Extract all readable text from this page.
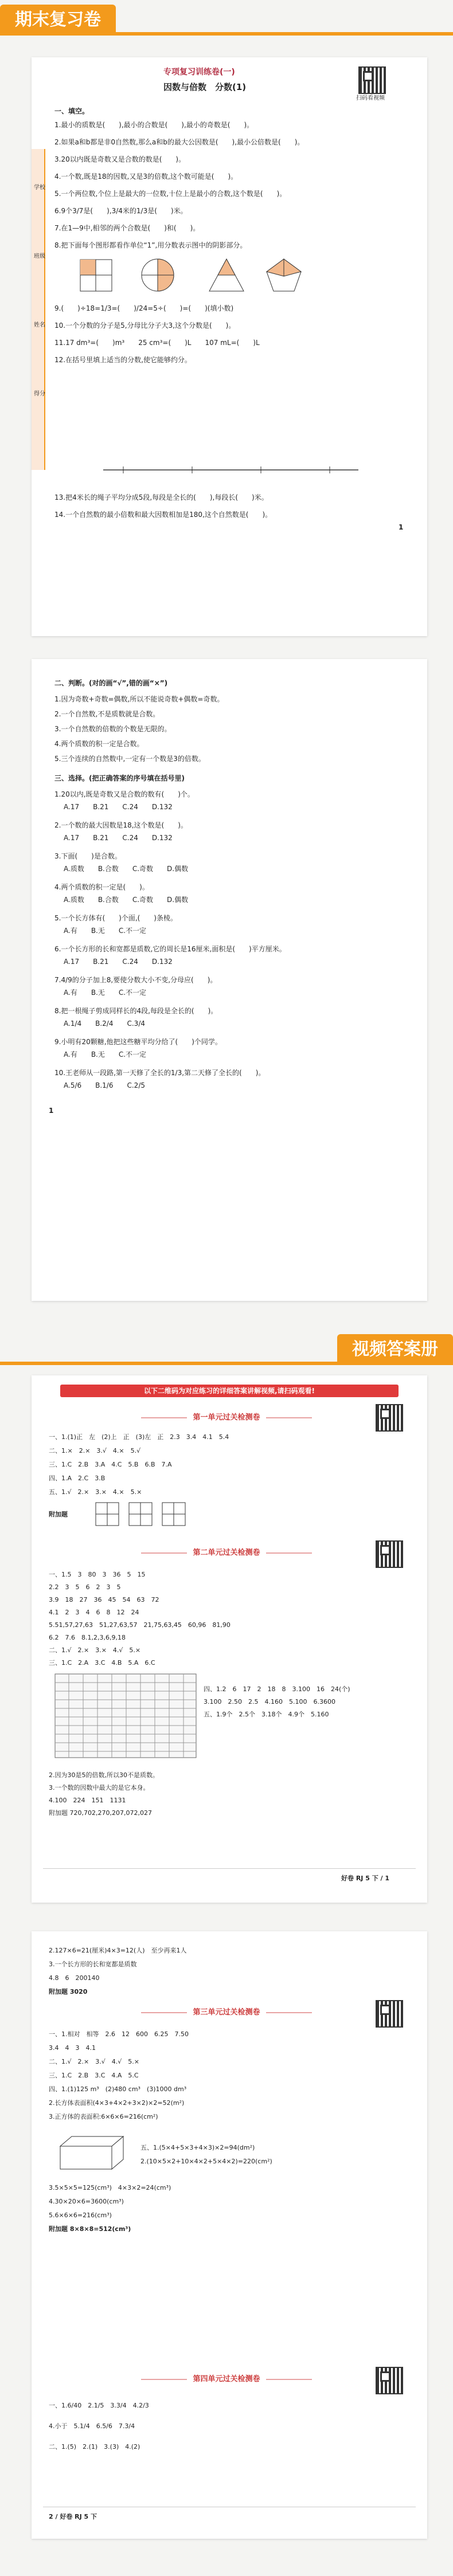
期末复习卷
学校
班级
姓名
得分
专项复习训练卷(一)
因数与倍数　分数(1)
扫码看视频
一、填空。
1.最小的质数是(　　),最小的合数是(　　),最小的奇数是(　　)。
2.如果a和b都是非0自然数,那么a和b的最大公因数是(　　),最小公倍数是(　　)。
3.20以内既是奇数又是合数的数是(　　)。
4.一个数,既是18的因数,又是3的倍数,这个数可能是(　　)。
5.一个两位数,个位上是最大的一位数,十位上是最小的合数,这个数是(　　)。
6.9个3/7是(　　),3/4米的1/3是(　　)米。
7.在1—9中,相邻的两个合数是(　　)和(　　)。
8.把下面每个图形都看作单位“1”,用分数表示图中的阴影部分。
9.(　　)÷18=1/3=(　　)/24=5÷(　　)=(　　)(填小数)
10.一个分数的分子是5,分母比分子大3,这个分数是(　　)。
11.17 dm³=(　　)m³　　25 cm³=(　　)L　　107 mL=(　　)L
12.在括号里填上适当的分数,使它能够约分。
13.把4米长的绳子平均分成5段,每段是全长的(　　),每段长(　　)米。
14.一个自然数的最小倍数和最大因数相加是180,这个自然数是(　　)。
1
二、判断。(对的画“√”,错的画“×”)
1.因为奇数+奇数=偶数,所以不能说奇数+偶数=奇数。
2.一个自然数,不是质数就是合数。
3.一个自然数的倍数的个数是无限的。
4.两个质数的积一定是合数。
5.三个连续的自然数中,一定有一个数是3的倍数。
三、选择。(把正确答案的序号填在括号里)
1.20以内,既是奇数又是合数的数有(　　)个。
A.17　　B.21　　C.24　　D.132
2.一个数的最大因数是18,这个数是(　　)。
A.17　　B.21　　C.24　　D.132
3.下面(　　)是合数。
A.质数　　B.合数　　C.奇数　　D.偶数
4.两个质数的积一定是(　　)。
A.质数　　B.合数　　C.奇数　　D.偶数
5.一个长方体有(　　)个面,(　　)条棱。
A.有　　B.无　　C.不一定
6.一个长方形的长和宽都是质数,它的周长是16厘米,面积是(　　)平方厘米。
A.17　　B.21　　C.24　　D.132
7.4/9的分子加上8,要使分数大小不变,分母应(　　)。
A.有　　B.无　　C.不一定
8.把一根绳子剪成同样长的4段,每段是全长的(　　)。
A.1/4　　B.2/4　　C.3/4
9.小明有20颗糖,他把这些糖平均分给了(　　)个同学。
A.有　　B.无　　C.不一定
10.王老师从一段路,第一天修了全长的1/3,第二天修了全长的(　　)。
A.5/6　　B.1/6　　C.2/5
1
视频答案册
以下二维码为对应练习的详细答案讲解视频,请扫码观看!
第一单元过关检测卷
一、1.(1)正　左　(2)上　正　(3)左　正　2.3　3.4　4.1　5.4
二、1.×　2.×　3.√　4.×　5.√
三、1.C　2.B　3.A　4.C　5.B　6.B　7.A
四、1.A　2.C　3.B
五、1.√　2.×　3.×　4.×　5.×
附加题
第二单元过关检测卷
一、1.5　3　80　3　36　5　15
2.2　3　5　6　2　3　5
3.9　18　27　36　45　54　63　72
4.1　2　3　4　6　8　12　24
5.51,57,27,63　51,27,63,57　21,75,63,45　60,96　81,90
6.2　7.6　8.1,2,3,6,9,18
二、1.√　2.×　3.×　4.√　5.×
三、1.C　2.A　3.C　4.B　5.A　6.C
四、1.2　6　17　2　18　8　3.100　16　24(个)
3.100　2.50　2.5　4.160　5.100　6.3600
五、1.9个　2.5个　3.18个　4.9个　5.160
2.因为30是5的倍数,所以30不是质数。
3.一个数的因数中最大的是它本身。
4.100　224　151　1131
附加题 720,702,270,207,072,027
好卷 RJ 5 下 / 1
2.127×6=21(厘米)4×3=12(人)　至少再来1人
3.一个长方形的长和宽都是质数
4.8　6　200140
附加题 3020
第三单元过关检测卷
一、1.相对　相等　2.6　12　600　6.25　7.50
3.4　4　3　4.1
二、1.√　2.×　3.√　4.√　5.×
三、1.C　2.B　3.C　4.A　5.C
四、1.(1)125 m³　(2)480 cm³　(3)1000 dm³
2.长方体表面积(4×3+4×2+3×2)×2=52(m²)
3.正方体的表面积:6×6×6=216(cm²)
五、1.(5×4+5×3+4×3)×2=94(dm²)
2.(10×5×2+10×4×2+5×4×2)=220(cm²)
3.5×5×5=125(cm³)　4×3×2=24(cm³)
4.30×20×6=3600(cm³)
5.6×6×6=216(cm³)
附加题 8×8×8=512(cm³)
第四单元过关检测卷
一、1.6/40　2.1/5　3.3/4　4.2/3
4.小于　5.1/4　6.5/6　7.3/4
二、1.(5)　2.(1)　3.(3)　4.(2)
2 / 好卷 RJ 5 下
